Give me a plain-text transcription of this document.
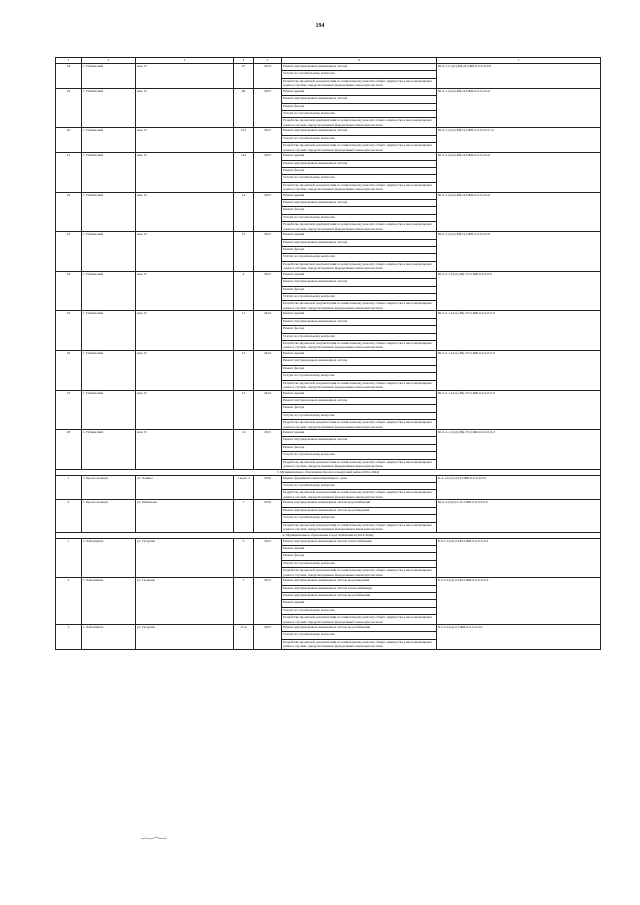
194
1	2	3	4	5	6	7
18	г. Губкинский	мкр 13	97	2014	Ремонт внутридомовых инженерных систем	Ш-3-1-С-(ат)-Вф-Ц-СЖБ-0-0-0-0-0-0
					Услуги по строительному контролю	
					Разработка проектной документации по капитальному ремонту общего имущества в многоквартирных домах в случаях, предусмотренных федеральным законодательством	
19	г. Губкинский	мкр 13	99	2015	Ремонт крыши	Ш-3-1-С(ат)-Вф-Ц-СЖБ-0-0-0-0-0-0
					Ремонт внутридомовых инженерных систем	
					Ремонт фасада	
					Услуги по строительному контролю	
					Разработка проектной документации по капитальному ремонту общего имущества в многоквартирных домах в случаях, предусмотренных федеральным законодательством	
20	г. Губкинский	мкр 13	101	2015	Ремонт внутридомовых инженерных систем	Ш-3-1-С(ат)-Вф-Ц-СЖБ-0-0-0-0-0-С-0
					Услуги по строительному контролю	
					Разработка проектной документации по капитальному ремонту общего имущества в многоквартирных домах в случаях, предусмотренных федеральным законодательством	
21	г. Губкинский	мкр 13	104	2015	Ремонт крыши	Ш-3-2-С(ат)-Вф-Ц-СЖБ-0-0-0-0-0-0
					Ремонт внутридомовых инженерных систем	
					Ремонт фасада	
					Услуги по строительному контролю	
					Разработка проектной документации по капитальному ремонту общего имущества в многоквартирных домах в случаях, предусмотренных федеральным законодательством	
22	г. Губкинский	мкр 14	14	2015	Ремонт крыши	Ш-3-3-С(ат)-Вф-Ц-СЖБ-0-0-0-0-0-0
					Ремонт внутридомовых инженерных систем	
					Ремонт фасада	
					Услуги по строительному контролю	
					Разработка проектной документации по капитальному ремонту общего имущества в многоквартирных домах в случаях, предусмотренных федеральным законодательством	
23	г. Губкинский	мкр 14	15	2015	Ремонт крыши	Ш-5-1-С(ат)-Вф-Ц-СЖБ-0-0-0-0-0-0
					Ремонт внутридомовых инженерных систем	
					Ремонт фасада	
					Услуги по строительному контролю	
					Разработка проектной документации по капитальному ремонту общего имущества в многоквартирных домах в случаях, предусмотренных федеральным законодательством	
24	г. Губкинский	мкр 15	4	2015	Ремонт крыши	Ш-3-2-1-С(ат)-Вф-ТЭ-СЖБ-0-0-0-0-0
					Ремонт внутридомовых инженерных систем	
					Ремонт фасада	
					Услуги по строительному контролю	
					Разработка проектной документации по капитальному ремонту общего имущества в многоквартирных домах в случаях, предусмотренных федеральным законодательством	
25	г. Губкинский	мкр 15	11	2014	Ремонт крыши	Ш-3-2-1-С(ат)-Вф-ТЭ-СЖБ-0-0-0-0-0-0
					Ремонт внутридомовых инженерных систем	
					Ремонт фасада	
					Услуги по строительному контролю	
					Разработка проектной документации по капитальному ремонту общего имущества в многоквартирных домах в случаях, предусмотренных федеральным законодательством	
26	г. Губкинский	мкр 15	12	2014	Ремонт крыши	Ш-3-2-1-С(ат)-Вф-ТЭ-СЖБ-0-0-0-0-0-0
					Ремонт внутридомовых инженерных систем	
					Ремонт фасада	
					Услуги по строительному контролю	
					Разработка проектной документации по капитальному ремонту общего имущества в многоквартирных домах в случаях, предусмотренных федеральным законодательством	
27	г. Губкинский	мкр 15	13	2014	Ремонт крыши	Ш-3-2-1-С(ат)-Вф-ТЭ-СЖБ-0-0-0-0-0-0
					Ремонт внутридомовых инженерных систем	
					Ремонт фасада	
					Услуги по строительному контролю	
					Разработка проектной документации по капитальному ремонту общего имущества в многоквартирных домах в случаях, предусмотренных федеральным законодательством	
28	г. Губкинский	мкр 15	14	2015	Ремонт крыши	Ш-3-2-1-С(ат)-Вф-ТЭ-СЖБ-0-0-0-0-0-0
					Ремонт внутридомовых инженерных систем	
					Ремонт фасада	
					Услуги по строительному контролю	
					Разработка проектной документации по капитальному ремонту общего имущества в многоквартирных домах в случаях, предусмотренных федеральным законодательством	
3. Муниципальное образование Красноселькупский район (2014-2044)						
1	с. Красноселькуп	ул. Ленина	1 корп. 2	2016	Ремонт фундамента многоквартирного дома	К-2-1-С(ат)-0-П-СЖБ-0-0-0-0-0-0
					Услуги по строительному контролю	
					Разработка проектной документации по капитальному ремонту общего имущества в многоквартирных домах в случаях, предусмотренных федеральным законодательством	
2	с. Красноселькуп	ул. Мамонова	7	2019	Ремонт внутридомовых инженерных систем водоснабжения	Ш-2-3-С(ат)-С-П-СЖБ-0-0-0-0-0-0
					Ремонт внутридомовых инженерных систем водоотведения	
					Услуги по строительному контролю	
					Разработка проектной документации по капитальному ремонту общего имущества в многоквартирных домах в случаях, предусмотренных федеральным законодательством	
4. Муниципальное образование город Лабытнанги (2014-2044)						
1	г. Лабытнанги	ул. Гагарина	5	2015	Ремонт внутридомовых инженерных систем теплоснабжения	Б-5-1-С(ат)-0-ПП-СЖБ-0-0-0-0-0-0
					Ремонт крыши	
					Ремонт фасада	
					Услуги по строительному контролю	
					Разработка проектной документации по капитальному ремонту общего имущества в многоквартирных домах в случаях, предусмотренных федеральным законодательством	
2	г. Лабытнанги	ул. Гагарина	7	2015	Ремонт внутридомовых инженерных систем водоотведения	Б-5-3-С(ат)-0-ПП-СЖБ-0-0-0-0-0-0
					Ремонт внутридомовых инженерных систем теплоснабжения	
					Ремонт внутридомовых инженерных систем водоснабжения	
					Ремонт крыши	
					Услуги по строительному контролю	
					Разработка проектной документации по капитальному ремонту общего имущества в многоквартирных домах в случаях, предусмотренных федеральным законодательством	
3	г. Лабытнанги	ул. Гагарина	15 А	2015	Ремонт внутридомовых инженерных систем водоснабжения	Б-5-2-С(ат)-0-СЖБ-0-0-0-0-0-0
					Услуги по строительному контролю	
					Разработка проектной документации по капитальному ремонту общего имущества в многоквартирных домах в случаях, предусмотренных федеральным законодательством	
